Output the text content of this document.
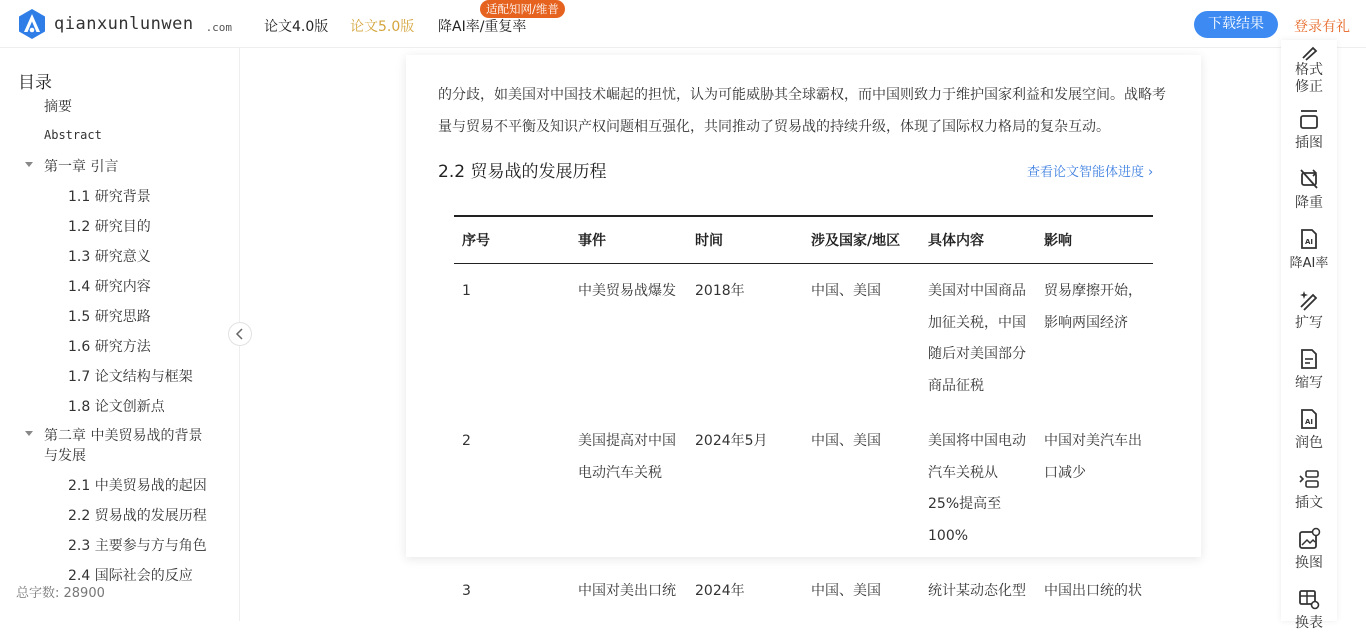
qianxunlunwen .com 论文4.0版 论文5.0版 降AI率/重复率
适配知网/维普
下载结果	登录有礼
目录
摘要
Abstract
第一章 引言
1.1 研究背景
1.2 研究目的
1.3 研究意义
1.4 研究内容
1.5 研究思路
1.6 研究方法
1.7 论文结构与框架
1.8 论文创新点
第二章 中美贸易战的背景
与发展
2.1 中美贸易战的起因
2.2 贸易战的发展历程
2.3 主要参与方与角色
2.4 国际社会的反应
总字数: 28900
的分歧，如美国对中国技术崛起的担忧，认为可能威胁其全球霸权，而中国则致力于维护国家利益和发展空间。战略考量与贸易不平衡及知识产权问题相互强化，共同推动了贸易战的持续升级，体现了国际权力格局的复杂互动。
2.2 贸易战的发展历程	查看论文智能体进度 ›
序号	事件	时间	涉及国家/地区	具体内容	影响
1	中美贸易战爆发	2018年	中国、美国	美国对中国商品加征关税，中国随后对美国部分商品征税	贸易摩擦开始，影响两国经济
2	美国提高对中国电动汽车关税	2024年5月	中国、美国	美国将中国电动汽车关税从25%提高至100%	中国对美汽车出口减少
3	中国对美出口统	2024年	中国、美国	统计某动态化型	中国出口统的状
格式修正
插图
降重
AI
降AI率
扩写
缩写
AI
润色
插文
换图
换表
